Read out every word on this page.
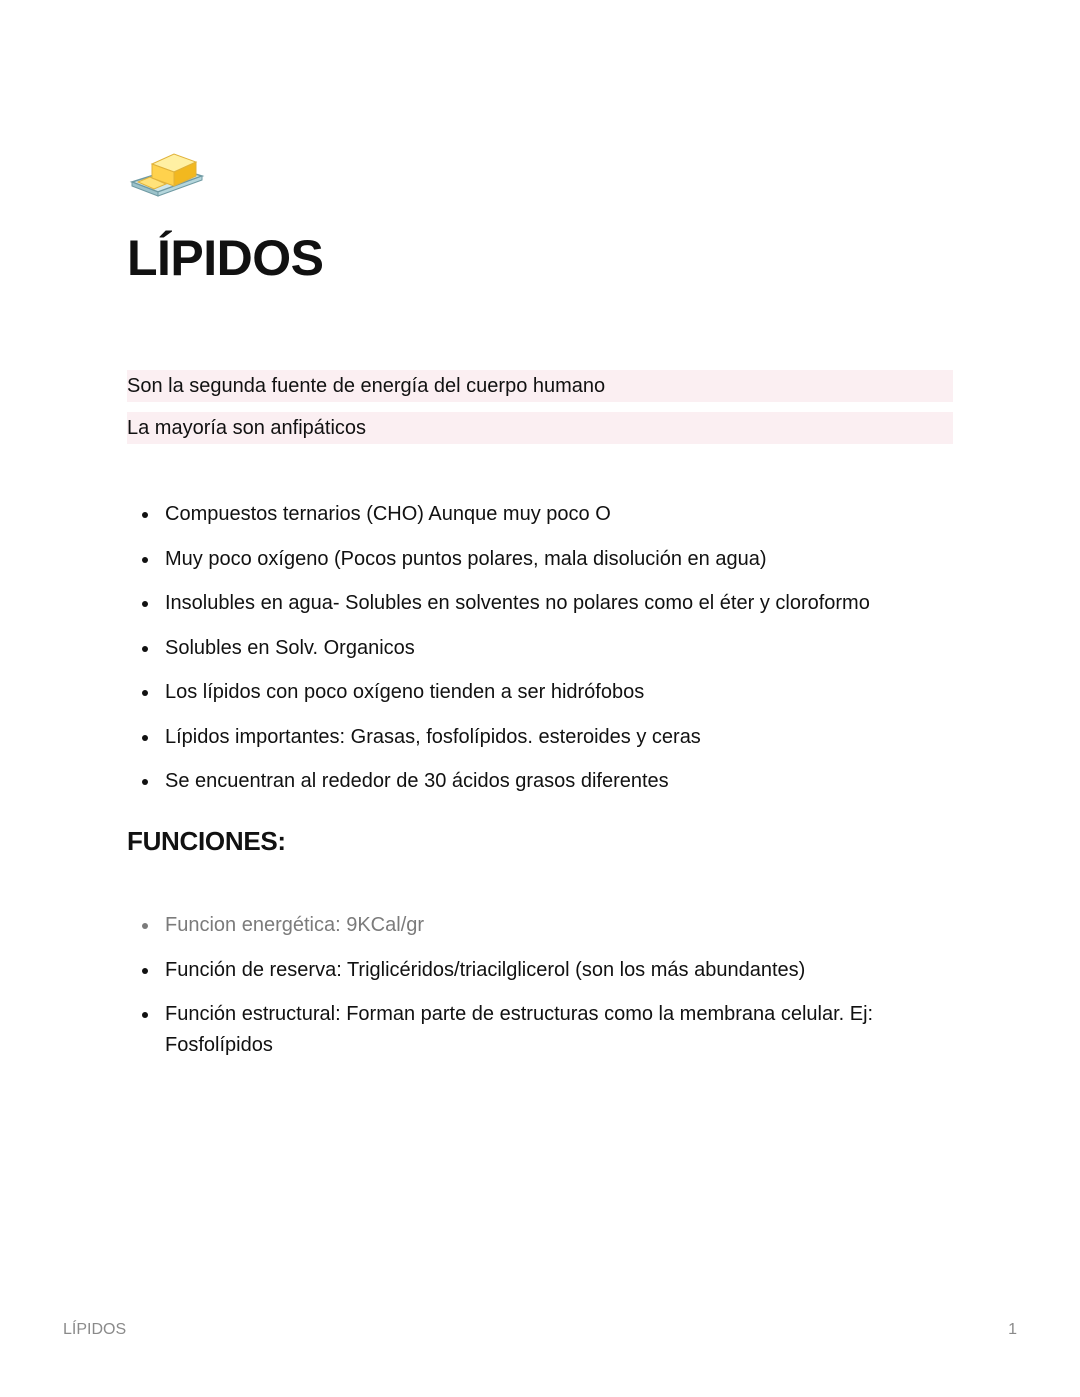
LÍPIDOS
Son la segunda fuente de energía del cuerpo humano
La mayoría son anfipáticos
Compuestos ternarios (CHO) Aunque muy poco O
Muy poco oxígeno (Pocos puntos polares, mala disolución en agua)
Insolubles en agua- Solubles en solventes no polares como el éter y cloroformo
Solubles en Solv. Organicos
Los lípidos con poco oxígeno tienden a ser hidrófobos
Lípidos importantes: Grasas, fosfolípidos. esteroides y ceras
Se encuentran al rededor de 30 ácidos grasos diferentes
FUNCIONES:
Funcion energética: 9KCal/gr
Función de reserva: Triglicéridos/triacilglicerol (son los más abundantes)
Función estructural: Forman parte de estructuras como la membrana celular. Ej: Fosfolípidos
LÍPIDOS	1
